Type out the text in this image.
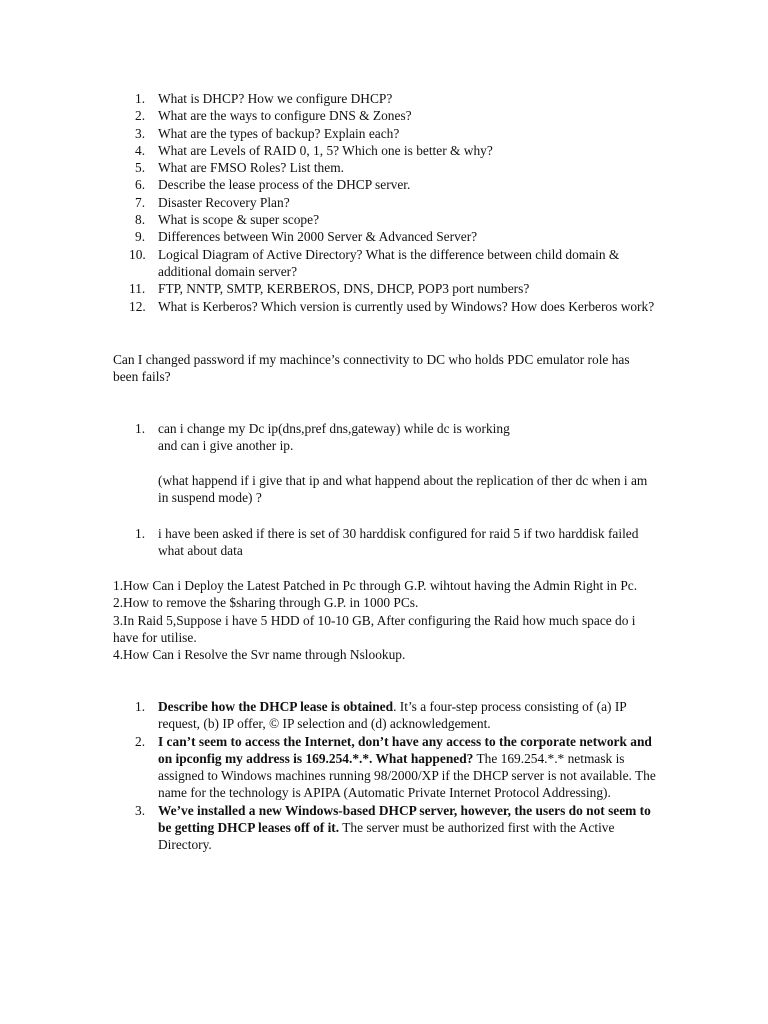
1. What is DHCP? How we configure DHCP?
2. What are the ways to configure DNS & Zones?
3. What are the types of backup? Explain each?
4. What are Levels of RAID 0, 1, 5? Which one is better & why?
5. What are FMSO Roles? List them.
6. Describe the lease process of the DHCP server.
7. Disaster Recovery Plan?
8. What is scope & super scope?
9. Differences between Win 2000 Server & Advanced Server?
10. Logical Diagram of Active Directory? What is the difference between child domain & additional domain server?
11. FTP, NNTP, SMTP, KERBEROS, DNS, DHCP, POP3 port numbers?
12. What is Kerberos? Which version is currently used by Windows? How does Kerberos work?

Can I changed password if my machince’s connectivity to DC who holds PDC emulator role has been fails?

1. can i change my Dc ip(dns,pref dns,gateway) while dc is working
and can i give another ip.
(what happend if i give that ip and what happend about the replication of ther dc when i am in suspend mode) ?
1. i have been asked if there is set of 30 harddisk configured for raid 5 if two harddisk failed what about data

1.How Can i Deploy the Latest Patched in Pc through G.P. wihtout having the Admin Right in Pc.

2.How to remove the $sharing through G.P. in 1000 PCs.

3.In Raid 5,Suppose i have 5 HDD of 10-10 GB, After configuring the Raid how much space do i have for utilise.

4.How Can i Resolve the Svr name through Nslookup.

1. Describe how the DHCP lease is obtained. It’s a four-step process consisting of (a) IP request, (b) IP offer, © IP selection and (d) acknowledgement.
2. I can’t seem to access the Internet, don’t have any access to the corporate network and on ipconfig my address is 169.254.*.*. What happened? The 169.254.*.* netmask is assigned to Windows machines running 98/2000/XP if the DHCP server is not available. The name for the technology is APIPA (Automatic Private Internet Protocol Addressing).
3. We’ve installed a new Windows-based DHCP server, however, the users do not seem to be getting DHCP leases off of it. The server must be authorized first with the Active Directory.
